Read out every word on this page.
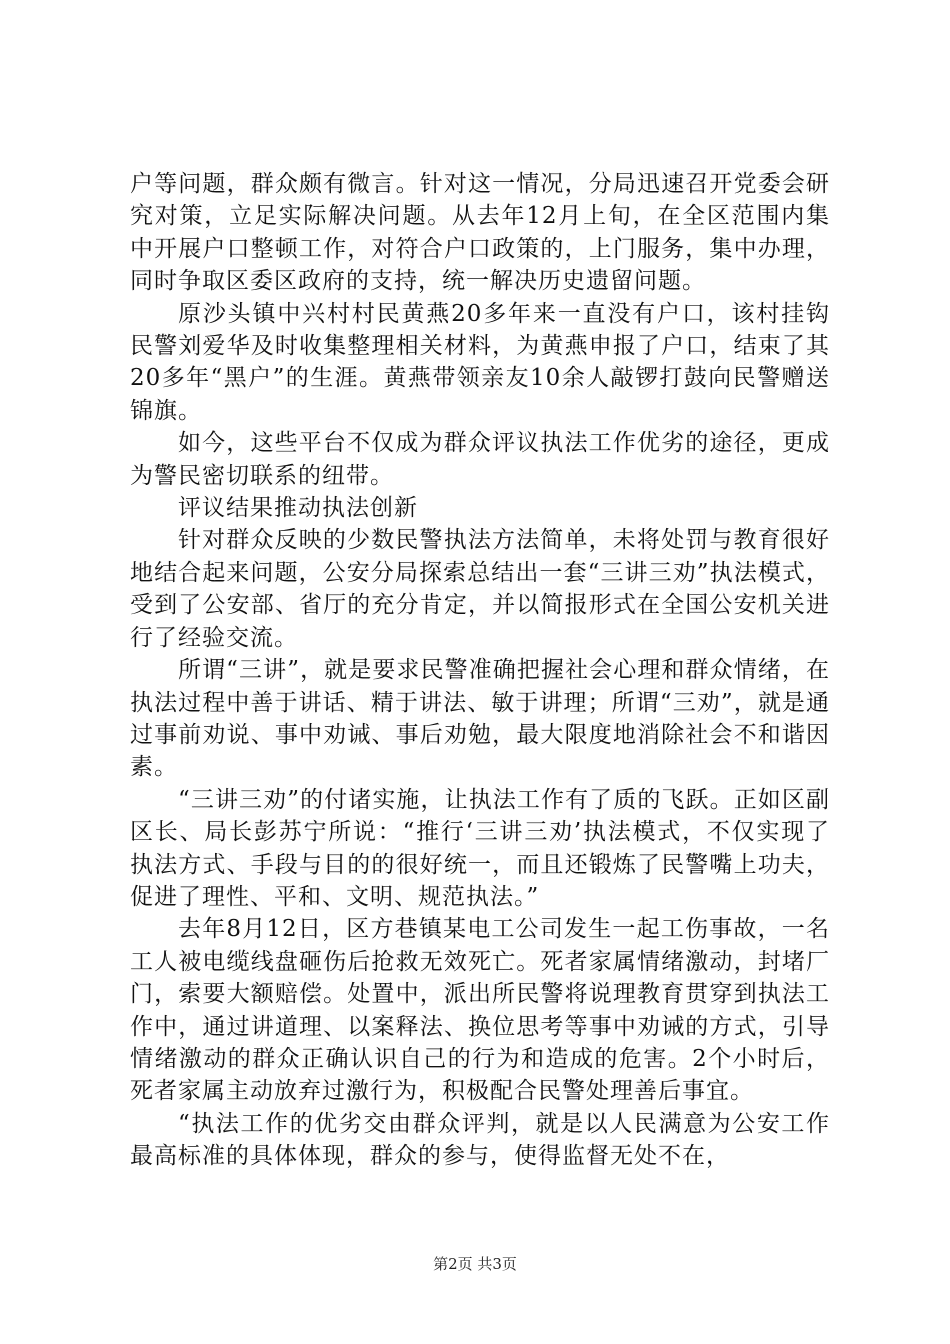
户等问题，群众颇有微言。针对这一情况，分局迅速召开党委会研究对策，立足实际解决问题。从去年12月上旬，在全区范围内集中开展户口整顿工作，对符合户口政策的，上门服务，集中办理，同时争取区委区政府的支持，统一解决历史遗留问题。

原沙头镇中兴村村民黄燕20多年来一直没有户口，该村挂钩民警刘爱华及时收集整理相关材料，为黄燕申报了户口，结束了其20多年“黑户”的生涯。黄燕带领亲友10余人敲锣打鼓向民警赠送锦旗。

如今，这些平台不仅成为群众评议执法工作优劣的途径，更成为警民密切联系的纽带。

评议结果推动执法创新

针对群众反映的少数民警执法方法简单，未将处罚与教育很好地结合起来问题，公安分局探索总结出一套“三讲三劝”执法模式，受到了公安部、省厅的充分肯定，并以简报形式在全国公安机关进行了经验交流。

所谓“三讲”，就是要求民警准确把握社会心理和群众情绪，在执法过程中善于讲话、精于讲法、敏于讲理；所谓“三劝”，就是通过事前劝说、事中劝诫、事后劝勉，最大限度地消除社会不和谐因素。

“三讲三劝”的付诸实施，让执法工作有了质的飞跃。正如区副区长、局长彭苏宁所说：“推行‘三讲三劝’执法模式，不仅实现了执法方式、手段与目的的很好统一，而且还锻炼了民警嘴上功夫，促进了理性、平和、文明、规范执法。”

去年8月12日，区方巷镇某电工公司发生一起工伤事故，一名工人被电缆线盘砸伤后抢救无效死亡。死者家属情绪激动，封堵厂门，索要大额赔偿。处置中，派出所民警将说理教育贯穿到执法工作中，通过讲道理、以案释法、换位思考等事中劝诫的方式，引导情绪激动的群众正确认识自己的行为和造成的危害。2个小时后，死者家属主动放弃过激行为，积极配合民警处理善后事宜。

“执法工作的优劣交由群众评判，就是以人民满意为公安工作最高标准的具体体现，群众的参与，使得监督无处不在，

第2页 共3页
